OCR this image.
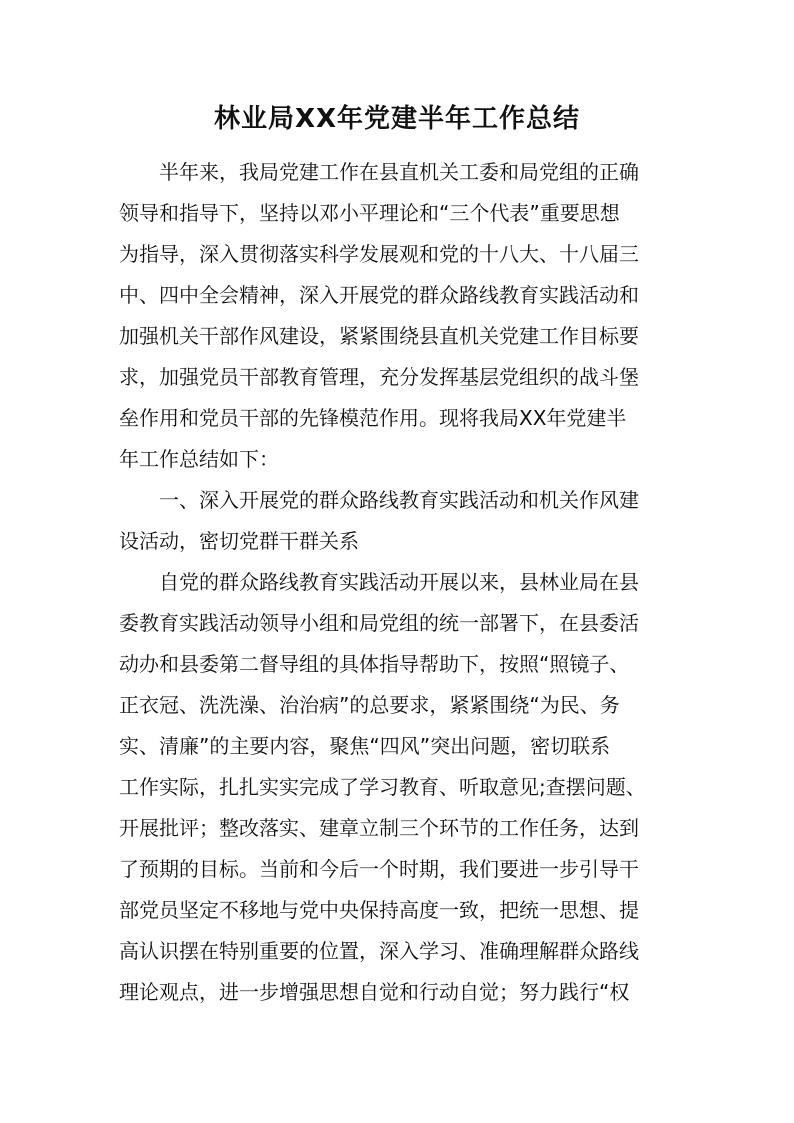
林业局XX年党建半年工作总结
　　半年来，我局党建工作在县直机关工委和局党组的正确
领导和指导下，坚持以邓小平理论和“三个代表”重要思想
为指导，深入贯彻落实科学发展观和党的十八大、十八届三
中、四中全会精神，深入开展党的群众路线教育实践活动和
加强机关干部作风建设，紧紧围绕县直机关党建工作目标要
求，加强党员干部教育管理，充分发挥基层党组织的战斗堡
垒作用和党员干部的先锋模范作用。现将我局XX年党建半
年工作总结如下：
　　一、深入开展党的群众路线教育实践活动和机关作风建
设活动，密切党群干群关系
　　自党的群众路线教育实践活动开展以来，县林业局在县
委教育实践活动领导小组和局党组的统一部署下，在县委活
动办和县委第二督导组的具体指导帮助下，按照“照镜子、
正衣冠、洗洗澡、治治病”的总要求，紧紧围绕“为民、务
实、清廉”的主要内容，聚焦“四风”突出问题，密切联系
工作实际，扎扎实实完成了学习教育、听取意见;查摆问题、
开展批评；整改落实、建章立制三个环节的工作任务，达到
了预期的目标。当前和今后一个时期，我们要进一步引导干
部党员坚定不移地与党中央保持高度一致，把统一思想、提
高认识摆在特别重要的位置，深入学习、准确理解群众路线
理论观点，进一步增强思想自觉和行动自觉；努力践行“权
